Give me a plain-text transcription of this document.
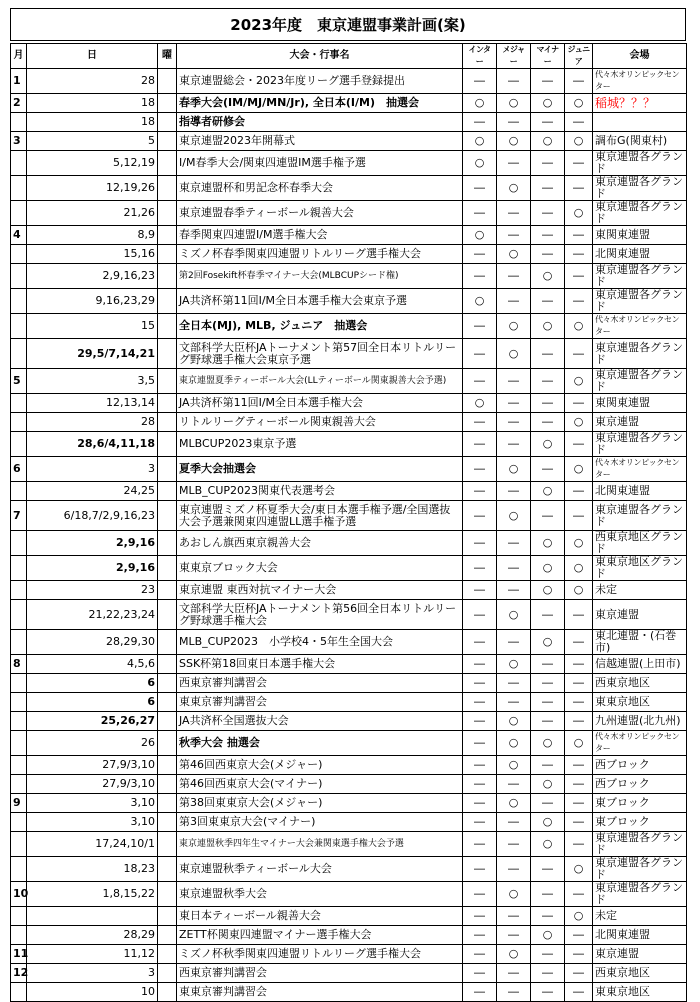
2023年度　東京連盟事業計画(案)
月	日	曜	大会・行事名	インター	メジャー	マイナー	ジュニア	会場
1	28		東京連盟総会・2023年度リーグ選手登録提出	―	―	―	―	代々木オリンピックセンター
2	18		春季大会(IM/MJ/MN/Jr), 全日本(I/M)　抽選会	○	○	○	○	稲城？？？
	18		指導者研修会	―	―	―	―	
3	5		東京連盟2023年開幕式	○	○	○	○	調布G(関東村)
	5,12,19		I/M春季大会/関東四連盟IM選手権予選	○	―	―	―	東京連盟各グランド
	12,19,26		東京連盟杯和男記念杯春季大会	―	○	―	―	東京連盟各グランド
	21,26		東京連盟春季ティーボール親善大会	―	―	―	○	東京連盟各グランド
4	8,9		春季関東四連盟I/M選手権大会	○	―	―	―	東関東連盟
	15,16		ミズノ杯春季関東四連盟リトルリーグ選手権大会	―	○	―	―	北関東連盟
	2,9,16,23		第2回Fosekift杯春季マイナー大会(MLBCUPシード権)	―	―	○	―	東京連盟各グランド
	9,16,23,29		JA共済杯第11回I/M全日本選手権大会東京予選	○	―	―	―	東京連盟各グランド
	15		全日本(MJ), MLB, ジュニア　抽選会	―	○	○	○	代々木オリンピックセンター
	29,5/7,14,21		文部科学大臣杯JAトーナメント第57回全日本リトルリーグ野球選手権大会東京予選	―	○	―	―	東京連盟各グランド
5	3,5		東京連盟夏季ティーボール大会(LLティーボール関東親善大会予選)	―	―	―	○	東京連盟各グランド
	12,13,14		JA共済杯第11回I/M全日本選手権大会	○	―	―	―	東関東連盟
	28		リトルリーグティーボール関東親善大会	―	―	―	○	東京連盟
	28,6/4,11,18		MLBCUP2023東京予選	―	―	○	―	東京連盟各グランド
6	3		夏季大会抽選会	―	○	―	○	代々木オリンピックセンター
	24,25		MLB_CUP2023関東代表選考会	―	―	○	―	北関東連盟
7	6/18,7/2,9,16,23		東京連盟ミズノ杯夏季大会/東日本選手権予選/全国選抜大会予選兼関東四連盟LL選手権予選	―	○	―	―	東京連盟各グランド
	2,9,16		あおしん旗西東京親善大会	―	―	○	○	西東京地区グランド
	2,9,16		東東京ブロック大会	―	―	○	○	東東京地区グランド
	23		東京連盟 東西対抗マイナー大会	―	―	○	○	未定
	21,22,23,24		文部科学大臣杯JAトーナメント第56回全日本リトルリーグ野球選手権大会	―	○	―	―	東京連盟
	28,29,30		MLB_CUP2023　小学校4・5年生全国大会	―	―	○	―	東北連盟・(石巻市)
8	4,5,6		SSK杯第18回東日本選手権大会	―	○	―	―	信越連盟(上田市)
	6		西東京審判講習会	―	―	―	―	西東京地区
	6		東東京審判講習会	―	―	―	―	東東京地区
	25,26,27		JA共済杯全国選抜大会	―	○	―	―	九州連盟(北九州)
	26		秋季大会 抽選会	―	○	○	○	代々木オリンピックセンター
	27,9/3,10		第46回西東京大会(メジャー)	―	○	―	―	西ブロック
	27,9/3,10		第46回西東京大会(マイナー)	―	―	○	―	西ブロック
9	3,10		第38回東東京大会(メジャー)	―	○	―	―	東ブロック
	3,10		第3回東東京大会(マイナー)	―	―	○	―	東ブロック
	17,24,10/1		東京連盟秋季四年生マイナー大会兼関東選手権大会予選	―	―	○	―	東京連盟各グランド
	18,23		東京連盟秋季ティーボール大会	―	―	―	○	東京連盟各グランド
10	1,8,15,22		東京連盟秋季大会	―	○	―	―	東京連盟各グランド
			東日本ティーボール親善大会	―	―	―	○	未定
	28,29		ZETT杯関東四連盟マイナー選手権大会	―	―	○	―	北関東連盟
11	11,12		ミズノ杯秋季関東四連盟リトルリーグ選手権大会	―	○	―	―	東京連盟
12	3		西東京審判講習会	―	―	―	―	西東京地区
	10		東東京審判講習会	―	―	―	―	東東京地区
